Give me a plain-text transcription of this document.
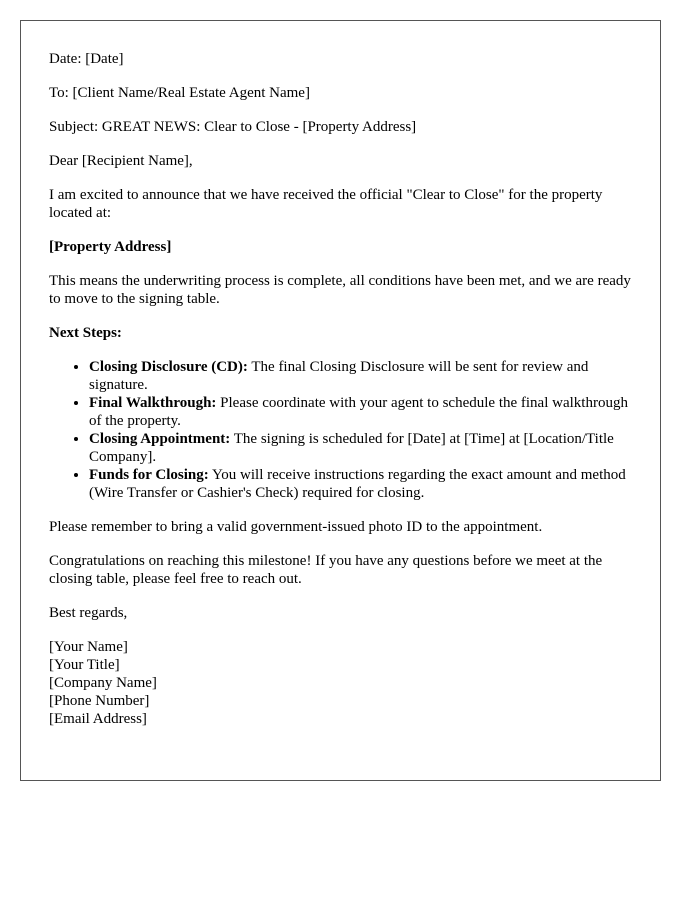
Date: [Date]

To: [Client Name/Real Estate Agent Name]

Subject: GREAT NEWS: Clear to Close - [Property Address]

Dear [Recipient Name],

I am excited to announce that we have received the official "Clear to Close" for the property located at:

[Property Address]

This means the underwriting process is complete, all conditions have been met, and we are ready to move to the signing table.

Next Steps:

• Closing Disclosure (CD): The final Closing Disclosure will be sent for review and signature.
• Final Walkthrough: Please coordinate with your agent to schedule the final walkthrough of the property.
• Closing Appointment: The signing is scheduled for [Date] at [Time] at [Location/Title Company].
• Funds for Closing: You will receive instructions regarding the exact amount and method (Wire Transfer or Cashier's Check) required for closing.

Please remember to bring a valid government-issued photo ID to the appointment.

Congratulations on reaching this milestone! If you have any questions before we meet at the closing table, please feel free to reach out.

Best regards,

[Your Name]
[Your Title]
[Company Name]
[Phone Number]
[Email Address]
